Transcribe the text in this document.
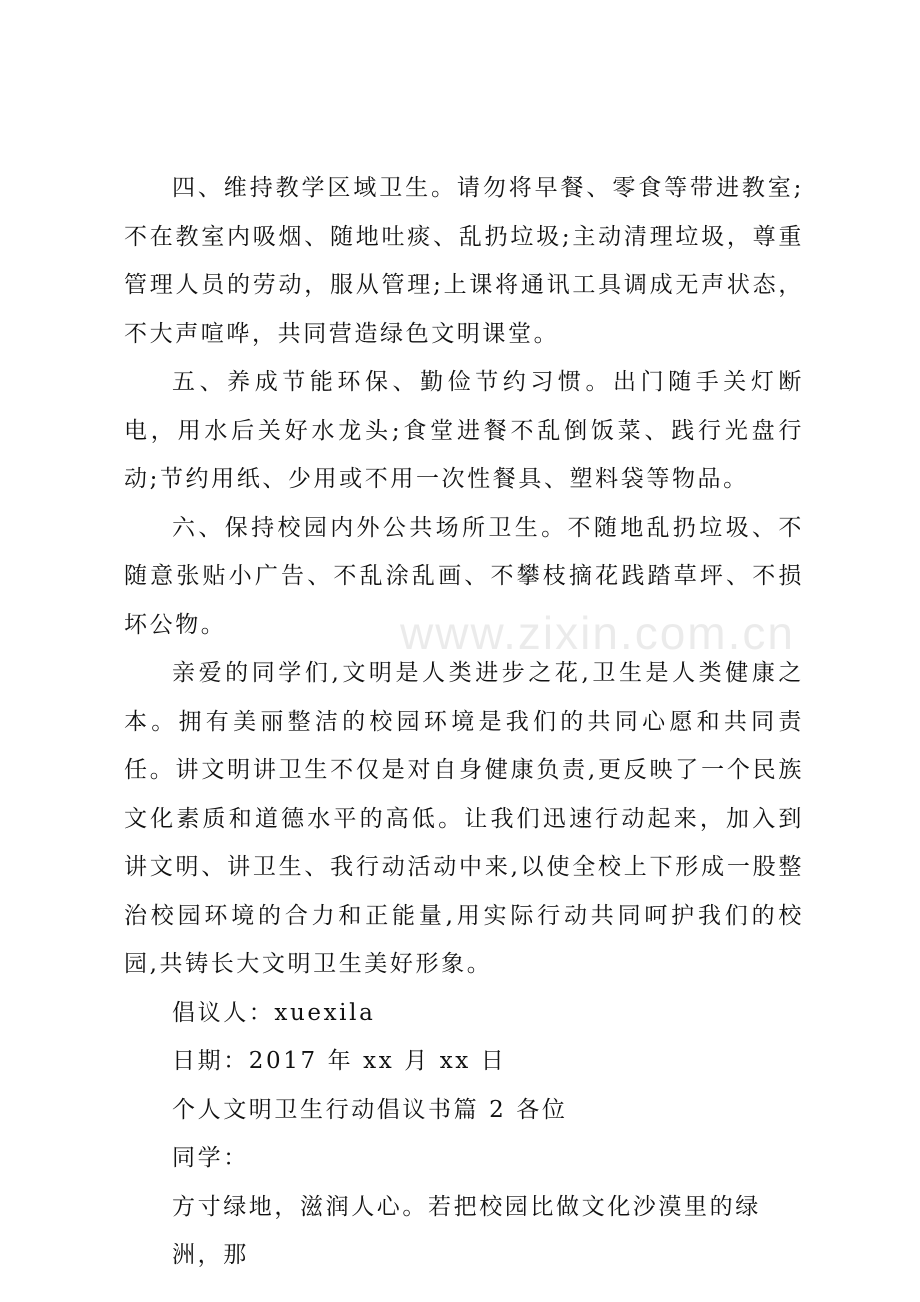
www.zixin.com.cn

四、维持教学区域卫生。请勿将早餐、零食等带进教室;不在教室内吸烟、随地吐痰、乱扔垃圾;主动清理垃圾，尊重管理人员的劳动，服从管理;上课将通讯工具调成无声状态，不大声喧哗，共同营造绿色文明课堂。

五、养成节能环保、勤俭节约习惯。出门随手关灯断电，用水后关好水龙头;食堂进餐不乱倒饭菜、践行光盘行动;节约用纸、少用或不用一次性餐具、塑料袋等物品。

六、保持校园内外公共场所卫生。不随地乱扔垃圾、不随意张贴小广告、不乱涂乱画、不攀枝摘花践踏草坪、不损坏公物。

亲爱的同学们,文明是人类进步之花,卫生是人类健康之本。拥有美丽整洁的校园环境是我们的共同心愿和共同责任。讲文明讲卫生不仅是对自身健康负责,更反映了一个民族文化素质和道德水平的高低。让我们迅速行动起来，加入到讲文明、讲卫生、我行动活动中来,以使全校上下形成一股整治校园环境的合力和正能量,用实际行动共同呵护我们的校园,共铸长大文明卫生美好形象。

倡议人：xuexila

日期：2017 年 xx 月 xx 日

个人文明卫生行动倡议书篇 2 各位

同学：

方寸绿地，滋润人心。若把校园比做文化沙漠里的绿洲，那
